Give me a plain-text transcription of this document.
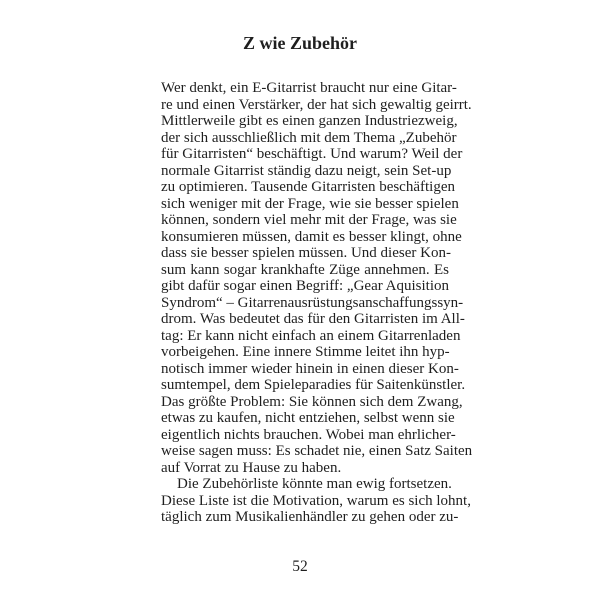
Z wie Zubehör
Wer denkt, ein E-Gitarrist braucht nur eine Gitar-
re und einen Verstärker, der hat sich gewaltig geirrt.
Mittlerweile gibt es einen ganzen Industriezweig,
der sich ausschließlich mit dem Thema „Zubehör
für Gitarristen“ beschäftigt. Und warum? Weil der
normale Gitarrist ständig dazu neigt, sein Set-up
zu optimieren. Tausende Gitarristen beschäftigen
sich weniger mit der Frage, wie sie besser spielen
können, sondern viel mehr mit der Frage, was sie
konsumieren müssen, damit es besser klingt, ohne
dass sie besser spielen müssen. Und dieser Kon-
sum kann sogar krankhafte Züge annehmen. Es
gibt dafür sogar einen Begriff: „Gear Aquisition
Syndrom“ – Gitarrenausrüstungsanschaffungssyn-
drom. Was bedeutet das für den Gitarristen im All-
tag: Er kann nicht einfach an einem Gitarrenladen
vorbeigehen. Eine innere Stimme leitet ihn hyp-
notisch immer wieder hinein in einen dieser Kon-
sumtempel, dem Spieleparadies für Saitenkünstler.
Das größte Problem: Sie können sich dem Zwang,
etwas zu kaufen, nicht entziehen, selbst wenn sie
eigentlich nichts brauchen. Wobei man ehrlicher-
weise sagen muss: Es schadet nie, einen Satz Saiten
auf Vorrat zu Hause zu haben.
Die Zubehörliste könnte man ewig fortsetzen.
Diese Liste ist die Motivation, warum es sich lohnt,
täglich zum Musikalienhändler zu gehen oder zu-
52
